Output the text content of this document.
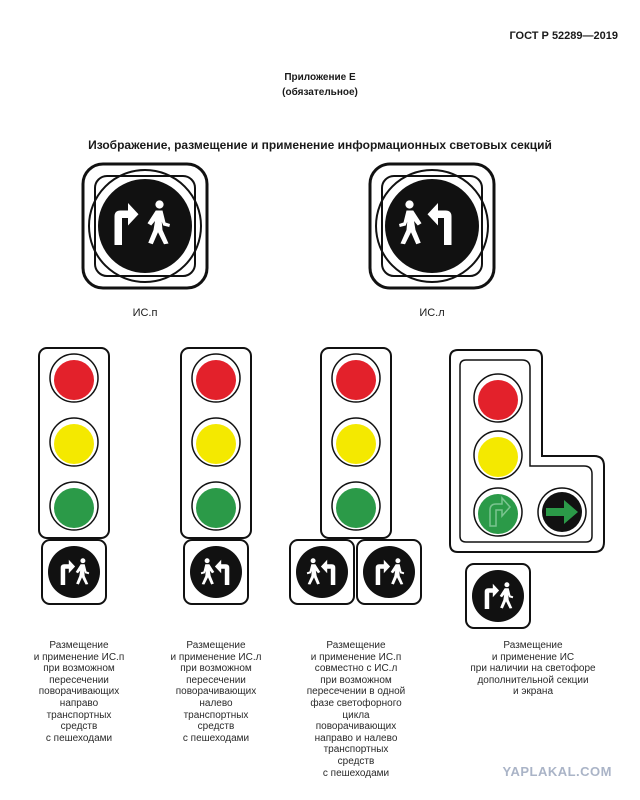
ГОСТ Р 52289—2019
Приложение Е
(обязательное)
Изображение, размещение и применение информационных световых секций
ИС.п	ИС.л
Размещение
и применение ИС.п
при возможном
пересечении
поворачивающих
направо
транспортных
средств
с пешеходами
Размещение
и применение ИС.л
при возможном
пересечении
поворачивающих
налево
транспортных
средств
с пешеходами
Размещение
и применение ИС.п
совместно с ИС.л
при возможном
пересечении в одной
фазе светофорного
цикла
поворачивающих
направо и налево
транспортных
средств
с пешеходами
Размещение
и применение ИС
при наличии на светофоре
дополнительной секции
и экрана
YAPLAKAL.COM
